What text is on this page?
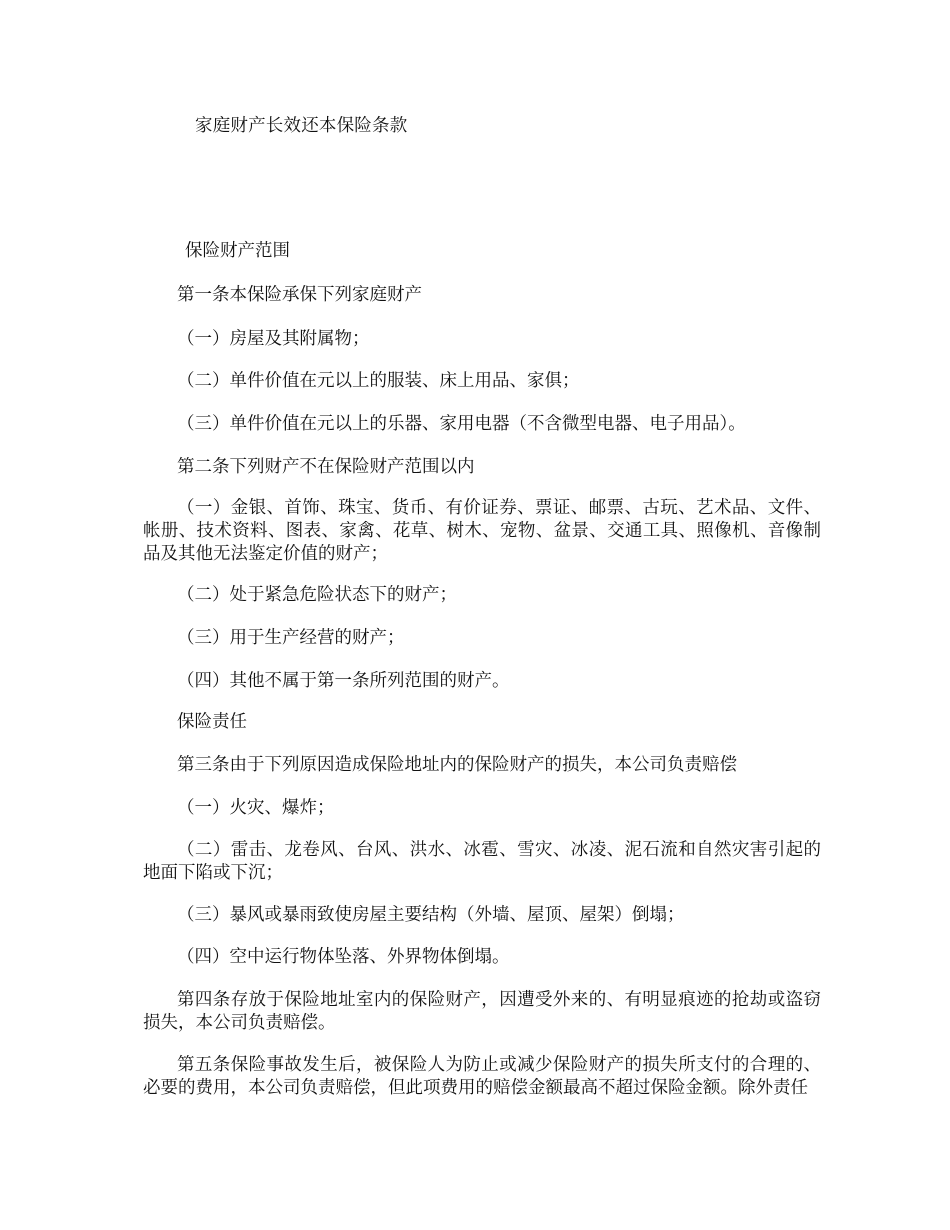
家庭财产长效还本保险条款

保险财产范围

第一条本保险承保下列家庭财产

（一）房屋及其附属物；

（二）单件价值在元以上的服装、床上用品、家俱；

（三）单件价值在元以上的乐器、家用电器（不含微型电器、电子用品）。

第二条下列财产不在保险财产范围以内

（一）金银、首饰、珠宝、货币、有价证券、票证、邮票、古玩、艺术品、文件、帐册、技术资料、图表、家禽、花草、树木、宠物、盆景、交通工具、照像机、音像制品及其他无法鉴定价值的财产；

（二）处于紧急危险状态下的财产；

（三）用于生产经营的财产；

（四）其他不属于第一条所列范围的财产。

保险责任

第三条由于下列原因造成保险地址内的保险财产的损失，本公司负责赔偿

（一）火灾、爆炸；

（二）雷击、龙卷风、台风、洪水、冰雹、雪灾、冰凌、泥石流和自然灾害引起的地面下陷或下沉；

（三）暴风或暴雨致使房屋主要结构（外墙、屋顶、屋架）倒塌；

（四）空中运行物体坠落、外界物体倒塌。

第四条存放于保险地址室内的保险财产，因遭受外来的、有明显痕迹的抢劫或盗窃损失，本公司负责赔偿。

第五条保险事故发生后，被保险人为防止或减少保险财产的损失所支付的合理的、必要的费用，本公司负责赔偿，但此项费用的赔偿金额最高不超过保险金额。除外责任
